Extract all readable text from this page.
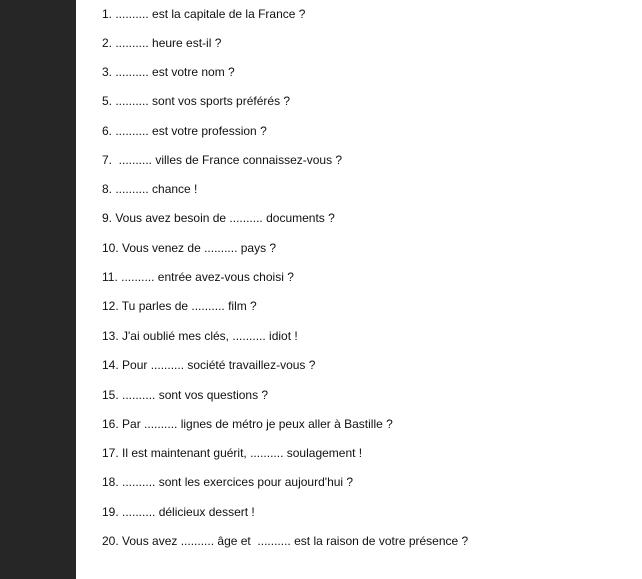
1. .......... est la capitale de la France ?
2. .......... heure est-il ?
3. .......... est votre nom ?
5. .......... sont vos sports préférés ?
6. .......... est votre profession ?
7.  .......... villes de France connaissez-vous ?
8. .......... chance !
9. Vous avez besoin de .......... documents ?
10. Vous venez de .......... pays ?
11. .......... entrée avez-vous choisi ?
12. Tu parles de .......... film ?
13. J'ai oublié mes clés, .......... idiot !
14. Pour .......... société travaillez-vous ?
15. .......... sont vos questions ?
16. Par .......... lignes de métro je peux aller à Bastille ?
17. Il est maintenant guérit, .......... soulagement !
18. .......... sont les exercices pour aujourd'hui ?
19. .......... délicieux dessert !
20. Vous avez .......... âge et  .......... est la raison de votre présence ?
